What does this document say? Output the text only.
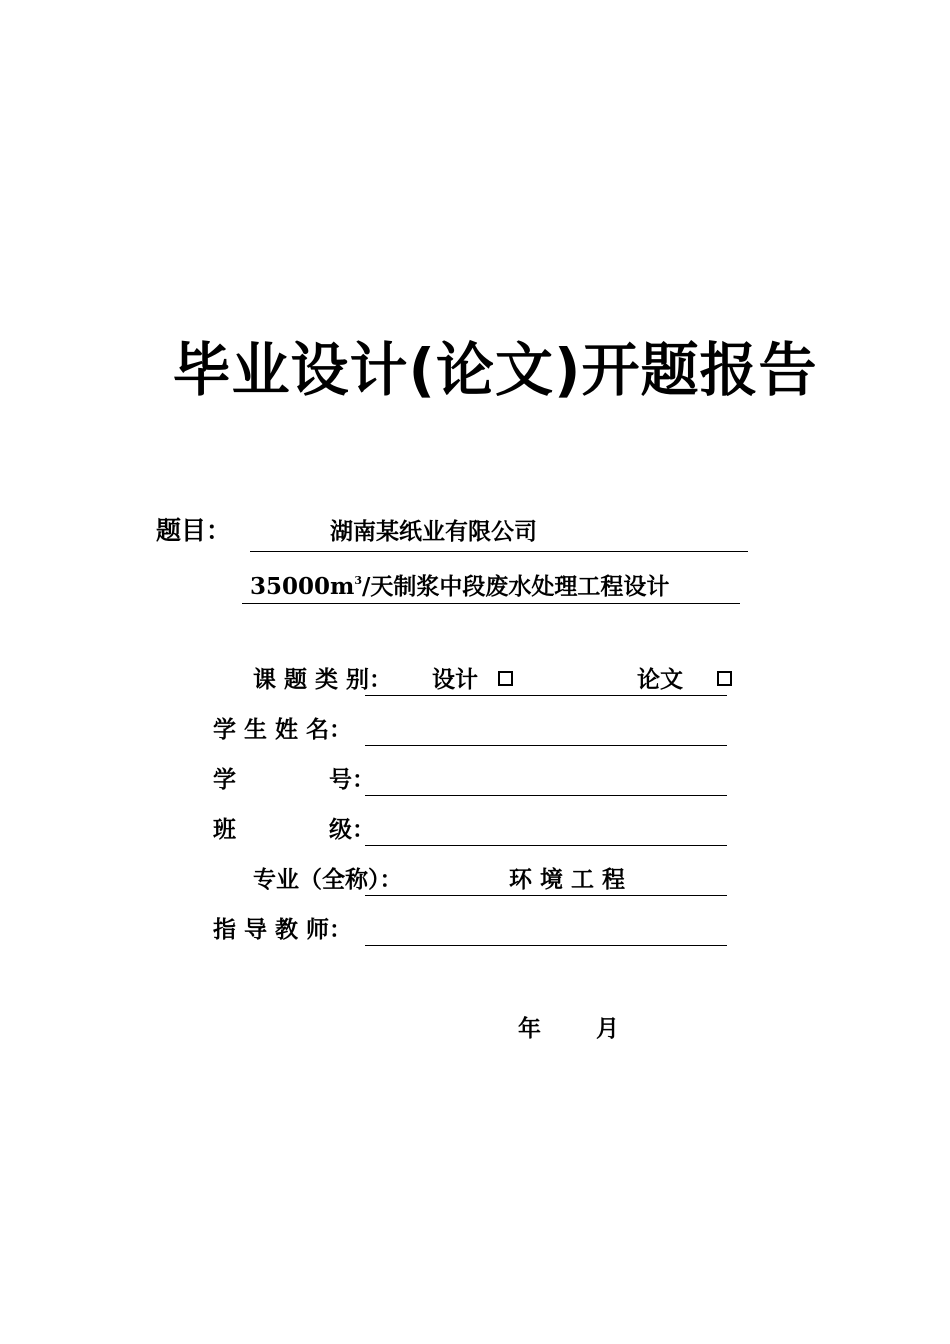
毕业设计(论文)开题报告
题目：	湖南某纸业有限公司
$35000m^3/$天制浆中段废水处理工程设计
课 题 类 别： 设计	论文
学 生 姓 名：
学	号：
班	级：
专业（全称）：	环 境 工 程
指 导 教 师：
年 月
